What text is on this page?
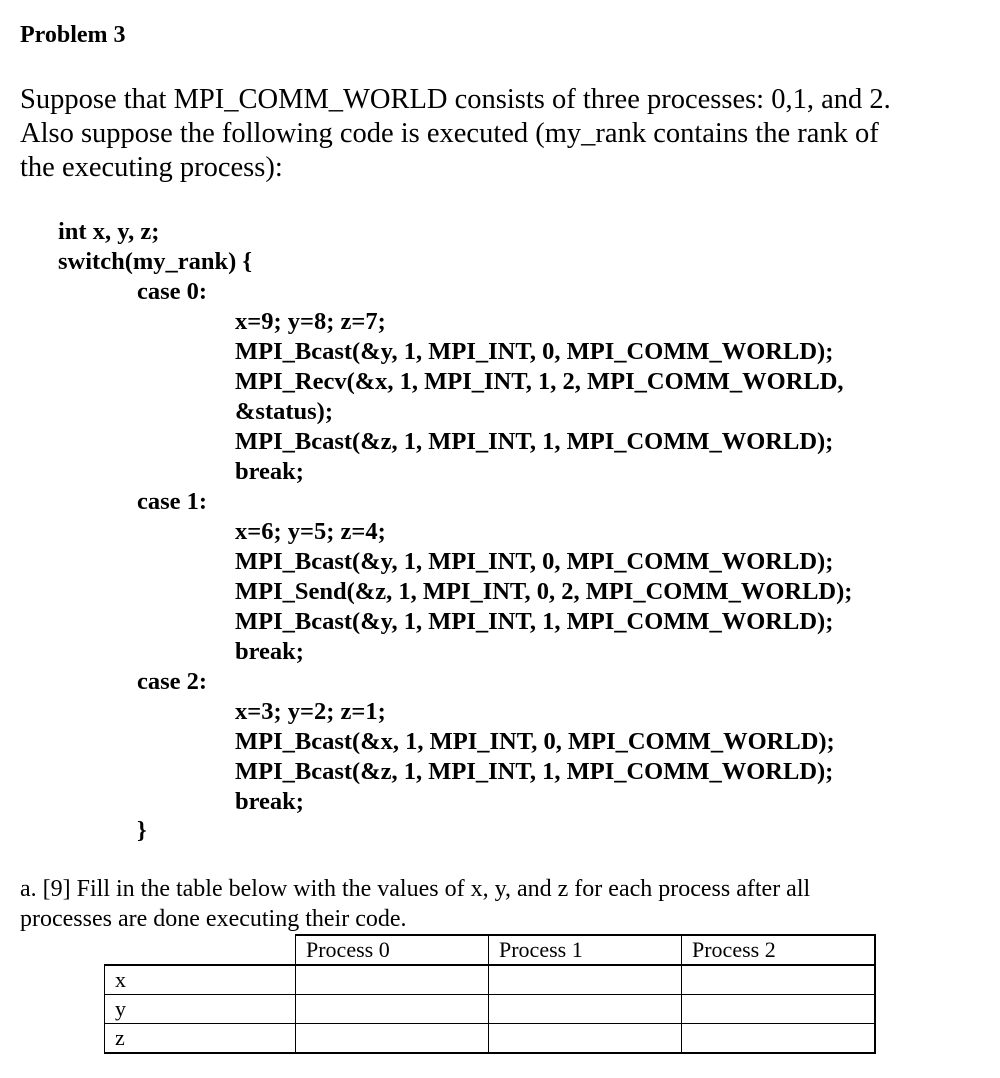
Problem 3
Suppose that MPI_COMM_WORLD consists of three processes: 0,1, and 2.
Also suppose the following code is executed (my_rank contains the rank of
the executing process):
int x, y, z;
switch(my_rank) {
case 0:
x=9; y=8; z=7;
MPI_Bcast(&y, 1, MPI_INT, 0, MPI_COMM_WORLD);
MPI_Recv(&x, 1, MPI_INT, 1, 2, MPI_COMM_WORLD,
&status);
MPI_Bcast(&z, 1, MPI_INT, 1, MPI_COMM_WORLD);
break;
case 1:
x=6; y=5; z=4;
MPI_Bcast(&y, 1, MPI_INT, 0, MPI_COMM_WORLD);
MPI_Send(&z, 1, MPI_INT, 0, 2, MPI_COMM_WORLD);
MPI_Bcast(&y, 1, MPI_INT, 1, MPI_COMM_WORLD);
break;
case 2:
x=3; y=2; z=1;
MPI_Bcast(&x, 1, MPI_INT, 0, MPI_COMM_WORLD);
MPI_Bcast(&z, 1, MPI_INT, 1, MPI_COMM_WORLD);
break;
}
a. [9] Fill in the table below with the values of x, y, and z for each process after all
processes are done executing their code.
	Process 0	Process 1	Process 2
x			
y			
z			
